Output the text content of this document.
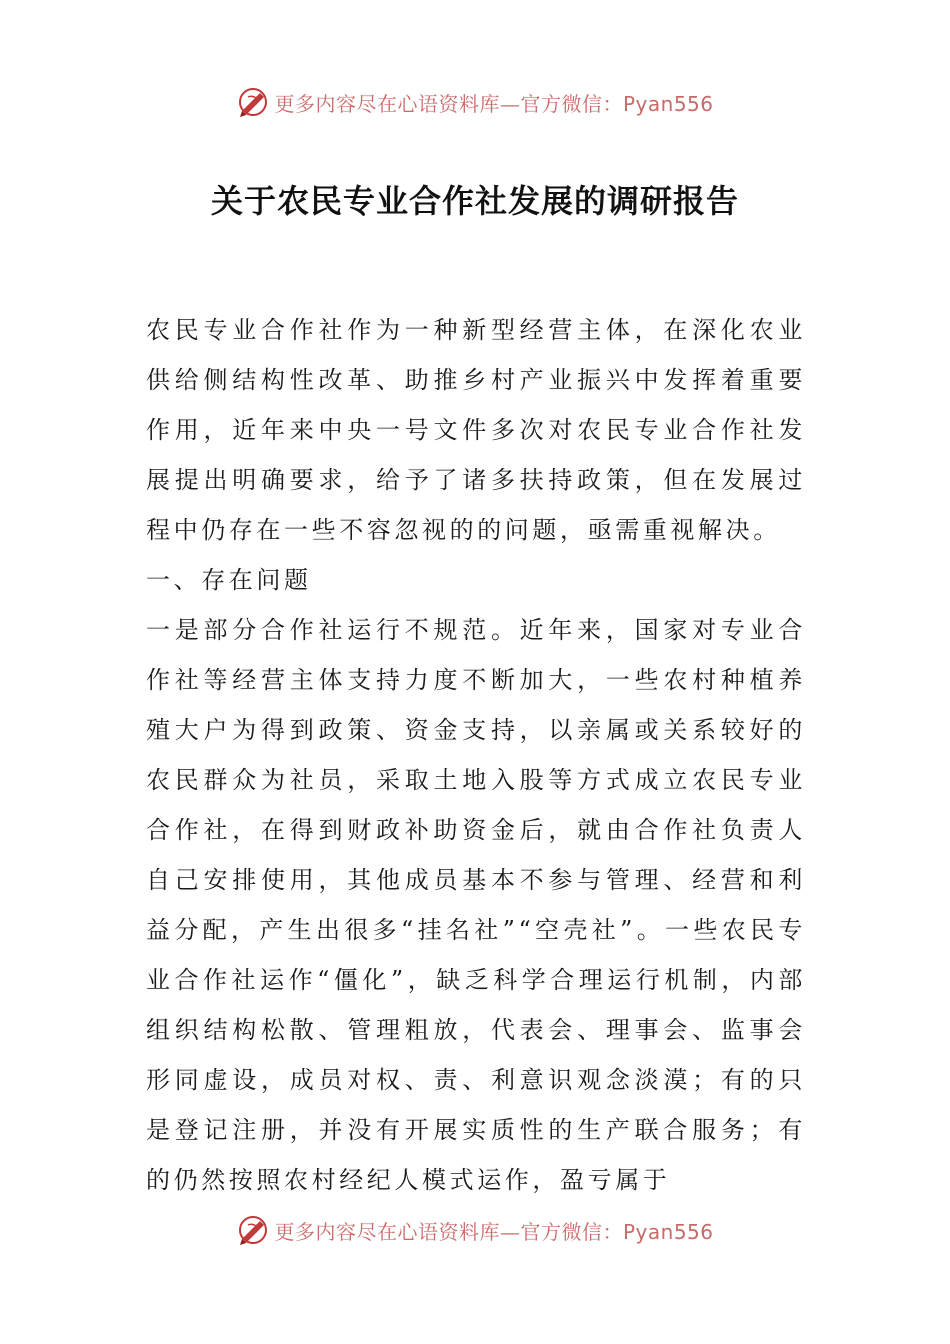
更多内容尽在心语资料库—官方微信：Pyan556
关于农民专业合作社发展的调研报告

农民专业合作社作为一种新型经营主体，在深化农业供给侧结构性改革、助推乡村产业振兴中发挥着重要作用，近年来中央一号文件多次对农民专业合作社发展提出明确要求，给予了诸多扶持政策，但在发展过程中仍存在一些不容忽视的的问题，亟需重视解决。

一、存在问题

一是部分合作社运行不规范。近年来，国家对专业合作社等经营主体支持力度不断加大，一些农村种植养殖大户为得到政策、资金支持，以亲属或关系较好的农民群众为社员，采取土地入股等方式成立农民专业合作社，在得到财政补助资金后，就由合作社负责人自己安排使用，其他成员基本不参与管理、经营和利益分配，产生出很多“挂名社”“空壳社”。一些农民专业合作社运作“僵化”，缺乏科学合理运行机制，内部组织结构松散、管理粗放，代表会、理事会、监事会形同虚设，成员对权、责、利意识观念淡漠；有的只是登记注册，并没有开展实质性的生产联合服务；有的仍然按照农村经纪人模式运作，盈亏属于

更多内容尽在心语资料库—官方微信：Pyan556
